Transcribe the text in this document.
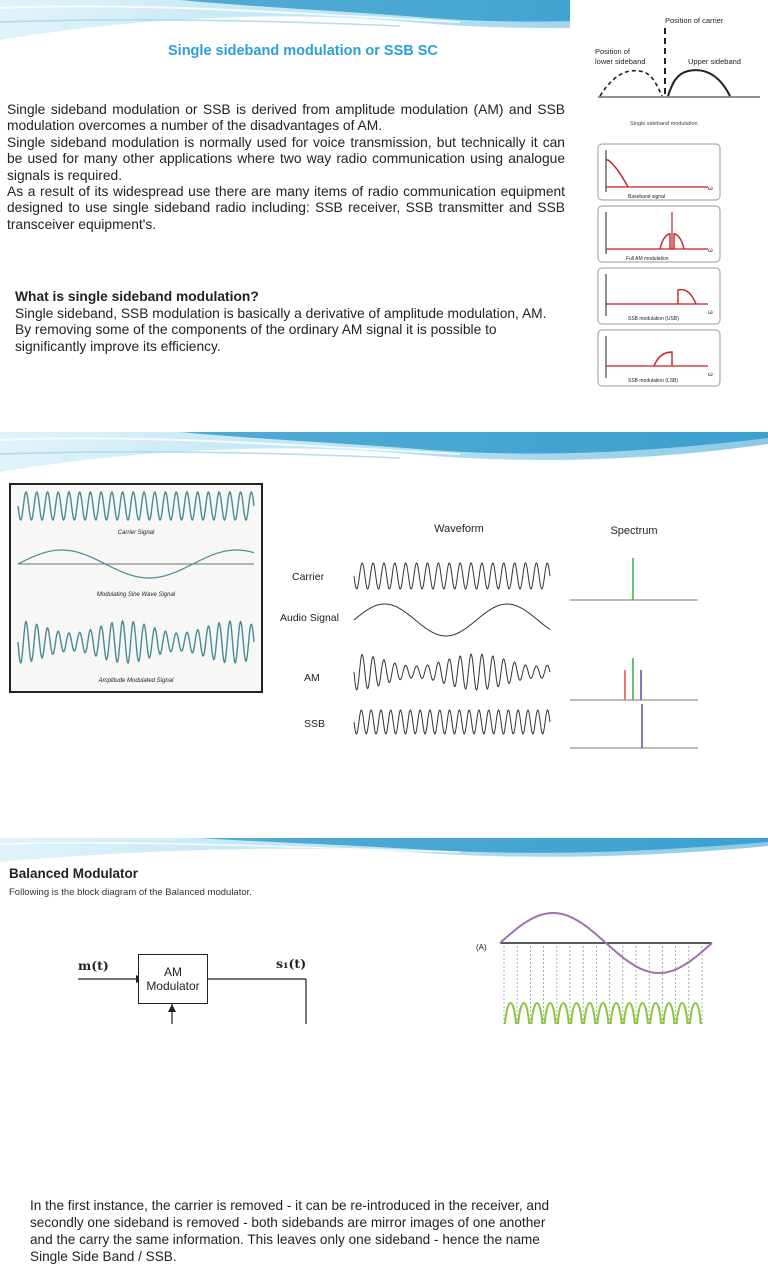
Single sideband modulation or SSB SC
Single sideband modulation or SSB is derived from amplitude modulation (AM) and SSB modulation overcomes a number of the disadvantages of AM.
Single sideband modulation is normally used for voice transmission, but technically it can be used for many other applications where two way radio communication using analogue signals is required.
As a result of its widespread use there are many items of radio communication equipment designed to use single sideband radio including: SSB receiver, SSB transmitter and SSB transceiver equipment's.
What is single sideband modulation?
Single sideband, SSB modulation is basically a derivative of amplitude modulation, AM. By removing some of the components of the ordinary AM signal it is possible to significantly improve its efficiency.
Position of carrier
Position of
lower sideband	Upper sideband
Single sideband modulation
Baseband signal
ω
Full AM modulation
ω
SSB modulation (USB)
ω
SSB modulation (LSB)
ω
Carrier Signal
Modulating Sine Wave Signal
Amplitude Modulated Signal
Waveform	Spectrum
Carrier
Audio Signal
AM
SSB
In the first instance, the carrier is removed - it can be re-introduced in the receiver, and secondly one sideband is removed - both sidebands are mirror images of one another and the carry the same information. This leaves only one sideband - hence the name Single Side Band / SSB.
Balanced Modulator
Following is the block diagram of the Balanced modulator.
m(t)	s₁(t)
AM
Modulator
(A)
